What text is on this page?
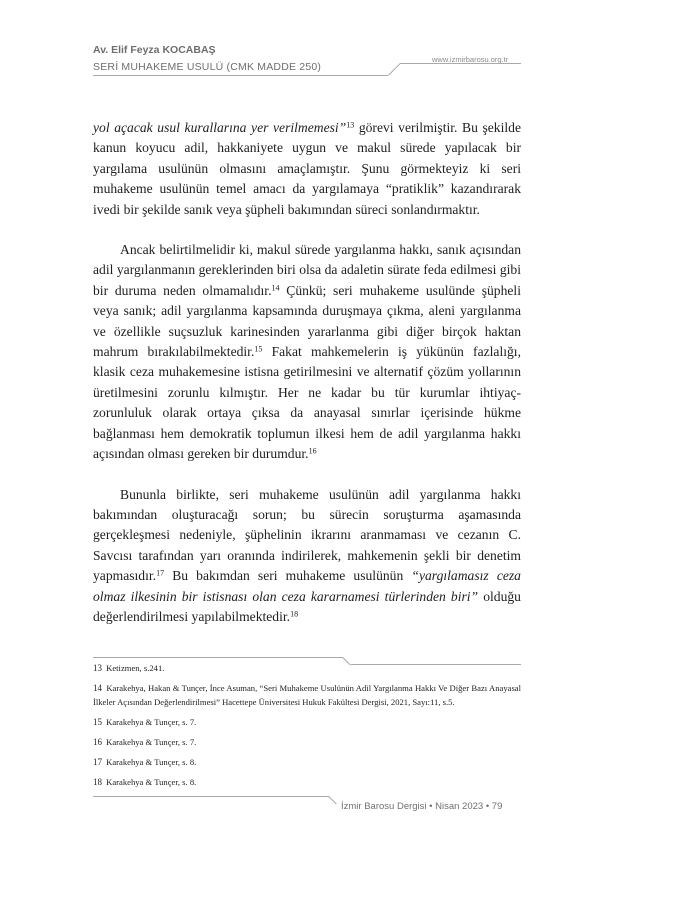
Av. Elif Feyza KOCABAŞ
SERİ MUHAKEME USULÜ (CMK MADDE 250)
www.izmirbarosu.org.tr

yol açacak usul kurallarına yer verilmemesi”$^{13}$ görevi verilmiştir. Bu şekilde kanun koyucu adil, hakkaniyete uygun ve makul sürede yapılacak bir yargılama usulünün olmasını amaçlamıştır. Şunu görmekteyiz ki seri muhakeme usulünün temel amacı da yargılamaya “pratiklik” kazandırarak ivedi bir şekilde sanık veya şüpheli bakımından süreci sonlandırmaktır.

Ancak belirtilmelidir ki, makul sürede yargılanma hakkı, sanık açısından adil yargılanmanın gereklerinden biri olsa da adaletin sürate feda edilmesi gibi bir duruma neden olmamalıdır.$^{14}$ Çünkü; seri muhakeme usulünde şüpheli veya sanık; adil yargılanma kapsamında duruşmaya çıkma, aleni yargılanma ve özellikle suçsuzluk karinesinden yararlanma gibi diğer birçok haktan mahrum bırakılabilmektedir.$^{15}$ Fakat mahkemelerin iş yükünün fazlalığı, klasik ceza muhakemesine istisna getirilmesini ve alternatif çözüm yollarının üretilmesini zorunlu kılmıştır. Her ne kadar bu tür kurumlar ihtiyaç-zorunluluk olarak ortaya çıksa da anayasal sınırlar içerisinde hükme bağlanması hem demokratik toplumun ilkesi hem de adil yargılanma hakkı açısından olması gereken bir durumdur.$^{16}$

Bununla birlikte, seri muhakeme usulünün adil yargılanma hakkı bakımından oluşturacağı sorun; bu sürecin soruşturma aşamasında gerçekleşmesi nedeniyle, şüphelinin ikrarını aranmaması ve cezanın C. Savcısı tarafından yarı oranında indirilerek, mahkemenin şekli bir denetim yapmasıdır.$^{17}$ Bu bakımdan seri muhakeme usulünün “yargılamasız ceza olmaz ilkesinin bir istisnası olan ceza kararnamesi türlerinden biri” olduğu değerlendirilmesi yapılabilmektedir.$^{18}$

13 Ketizmen, s.241.
14 Karakehya, Hakan & Tunçer, İnce Asuman, “Seri Muhakeme Usulünün Adil Yargılanma Hakkı Ve Diğer Bazı Anayasal İlkeler Açısından Değerlendirilmesi” Hacettepe Üniversitesi Hukuk Fakültesi Dergisi, 2021, Sayı:11, s.5.
15 Karakehya & Tunçer, s. 7.
16 Karakehya & Tunçer, s. 7.
17 Karakehya & Tunçer, s. 8.
18 Karakehya & Tunçer, s. 8.
İzmir Barosu Dergisi • Nisan 2023 • 79
